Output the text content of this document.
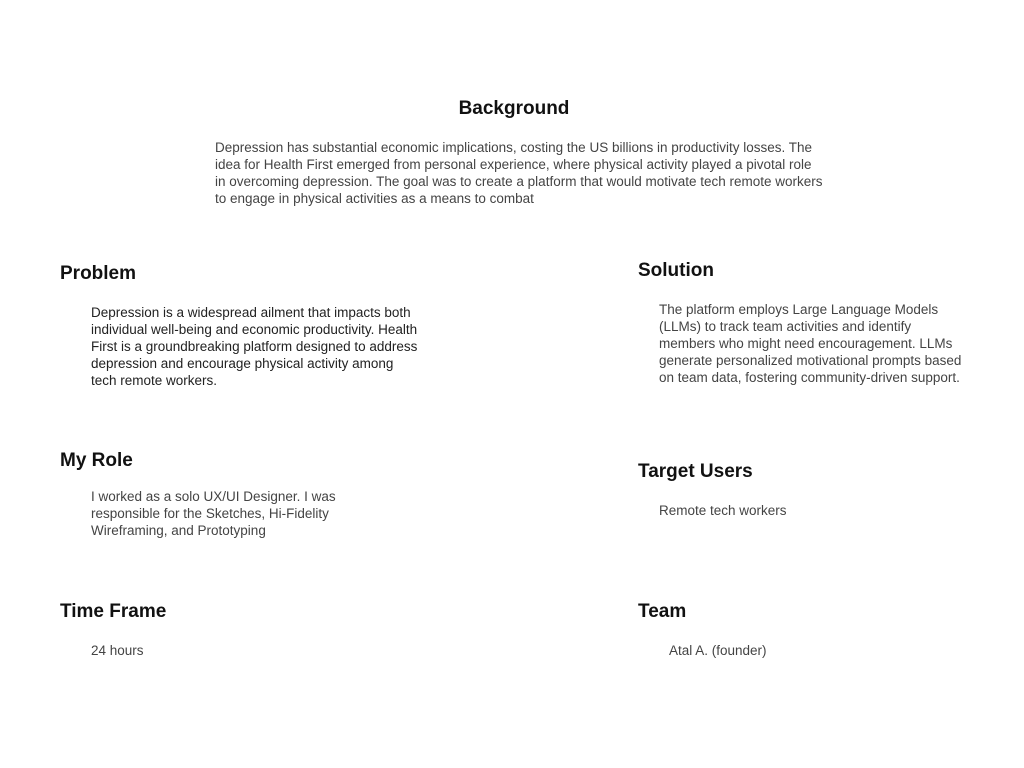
Background

Depression has substantial economic implications, costing the US billions in productivity losses. The idea for Health First emerged from personal experience, where physical activity played a pivotal role in overcoming depression. The goal was to create a platform that would motivate tech remote workers to engage in physical activities as a means to combat

Problem

Depression is a widespread ailment that impacts both individual well-being and economic productivity. Health First is a groundbreaking platform designed to address depression and encourage physical activity among tech remote workers.

Solution

The platform employs Large Language Models (LLMs) to track team activities and identify members who might need encouragement. LLMs generate personalized motivational prompts based on team data, fostering community-driven support.

My Role

I worked as a solo UX/UI Designer. I was responsible for the Sketches, Hi-Fidelity Wireframing, and Prototyping

Target Users

Remote tech workers

Time Frame

24 hours

Team

Atal A. (founder)
